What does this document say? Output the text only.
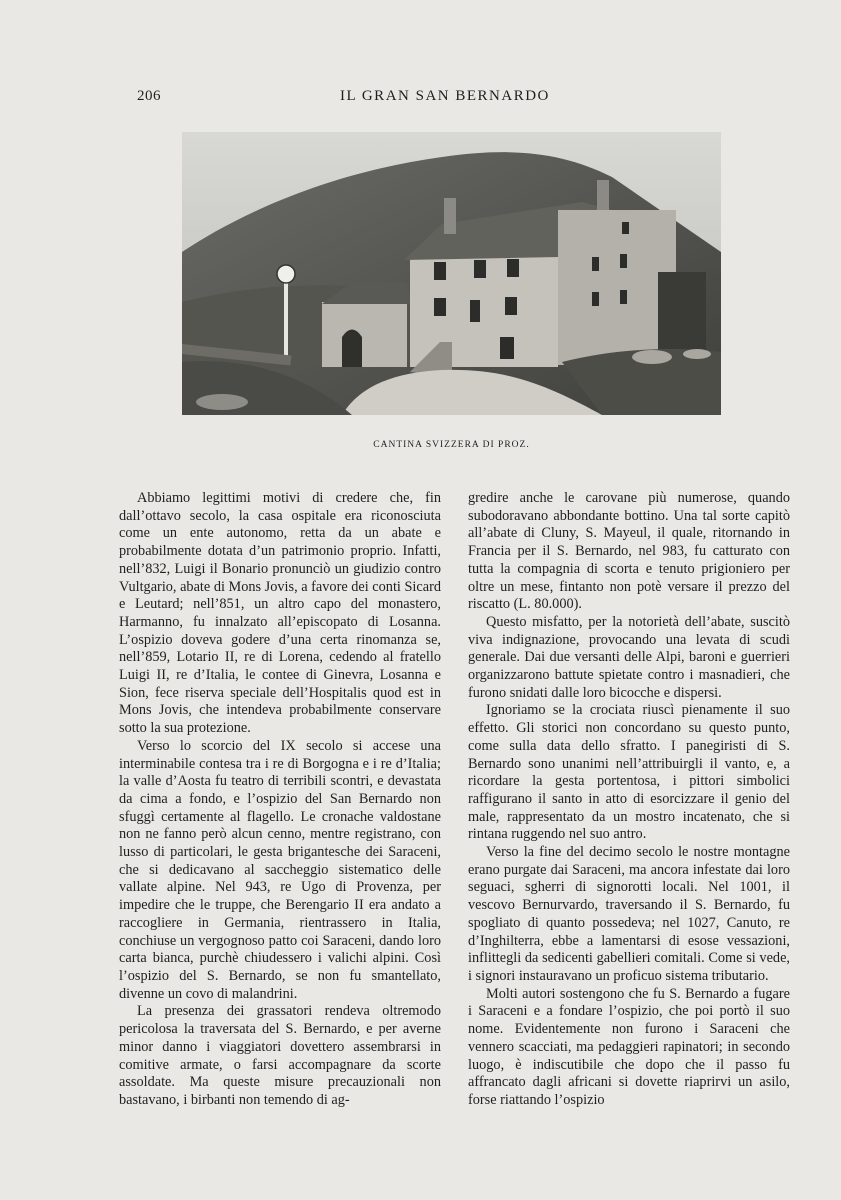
206	IL GRAN SAN BERNARDO
CANTINA SVIZZERA DI PROZ.

Abbiamo legittimi motivi di credere che, fin dall’ottavo secolo, la casa ospitale era riconosciuta come un ente autonomo, retta da un abate e probabilmente dotata d’un patrimonio proprio. Infatti, nell’832, Luigi il Bonario pronunciò un giudizio contro Vultgario, abate di Mons Jovis, a favore dei conti Sicard e Leutard; nell’851, un altro capo del monastero, Harmanno, fu innalzato all’episcopato di Losanna. L’ospizio doveva godere d’una certa rinomanza se, nell’859, Lotario II, re di Lorena, cedendo al fratello Luigi II, re d’Italia, le contee di Ginevra, Losanna e Sion, fece riserva speciale dell’Hospitalis quod est in Mons Jovis, che intendeva probabilmente conservare sotto la sua protezione.

Verso lo scorcio del IX secolo si accese una interminabile contesa tra i re di Borgogna e i re d’Italia; la valle d’Aosta fu teatro di terribili scontri, e devastata da cima a fondo, e l’ospizio del San Bernardo non sfuggì certamente al flagello. Le cronache valdostane non ne fanno però alcun cenno, mentre registrano, con lusso di particolari, le gesta brigantesche dei Saraceni, che si dedicavano al saccheggio sistematico delle vallate alpine. Nel 943, re Ugo di Provenza, per impedire che le truppe, che Berengario II era andato a raccogliere in Germania, rientrassero in Italia, conchiuse un vergognoso patto coi Saraceni, dando loro carta bianca, purchè chiudessero i valichi alpini. Così l’ospizio del S. Bernardo, se non fu smantellato, divenne un covo di malandrini.

La presenza dei grassatori rendeva oltremodo pericolosa la traversata del S. Bernardo, e per averne minor danno i viaggiatori dovettero assembrarsi in comitive armate, o farsi accompagnare da scorte assoldate. Ma queste misure precauzionali non bastavano, i birbanti non temendo di ag-

gredire anche le carovane più numerose, quando subodoravano abbondante bottino. Una tal sorte capitò all’abate di Cluny, S. Mayeul, il quale, ritornando in Francia per il S. Bernardo, nel 983, fu catturato con tutta la compagnia di scorta e tenuto prigioniero per oltre un mese, fintanto non potè versare il prezzo del riscatto (L. 80.000).

Questo misfatto, per la notorietà dell’abate, suscitò viva indignazione, provocando una levata di scudi generale. Dai due versanti delle Alpi, baroni e guerrieri organizzarono battute spietate contro i masnadieri, che furono snidati dalle loro bicocche e dispersi.

Ignoriamo se la crociata riuscì pienamente il suo effetto. Gli storici non concordano su questo punto, come sulla data dello sfratto. I panegiristi di S. Bernardo sono unanimi nell’attribuirgli il vanto, e, a ricordare la gesta portentosa, i pittori simbolici raffigurano il santo in atto di esorcizzare il genio del male, rappresentato da un mostro incatenato, che si rintana ruggendo nel suo antro.

Verso la fine del decimo secolo le nostre montagne erano purgate dai Saraceni, ma ancora infestate dai loro seguaci, sgherri di signorotti locali. Nel 1001, il vescovo Bernurvardo, traversando il S. Bernardo, fu spogliato di quanto possedeva; nel 1027, Canuto, re d’Inghilterra, ebbe a lamentarsi di esose vessazioni, inflittegli da sedicenti gabellieri comitali. Come si vede, i signori instauravano un proficuo sistema tributario.

Molti autori sostengono che fu S. Bernardo a fugare i Saraceni e a fondare l’ospizio, che poi portò il suo nome. Evidentemente non furono i Saraceni che vennero scacciati, ma pedaggieri rapinatori; in secondo luogo, è indiscutibile che dopo che il passo fu affrancato dagli africani si dovette riaprirvi un asilo, forse riattando l’ospizio
